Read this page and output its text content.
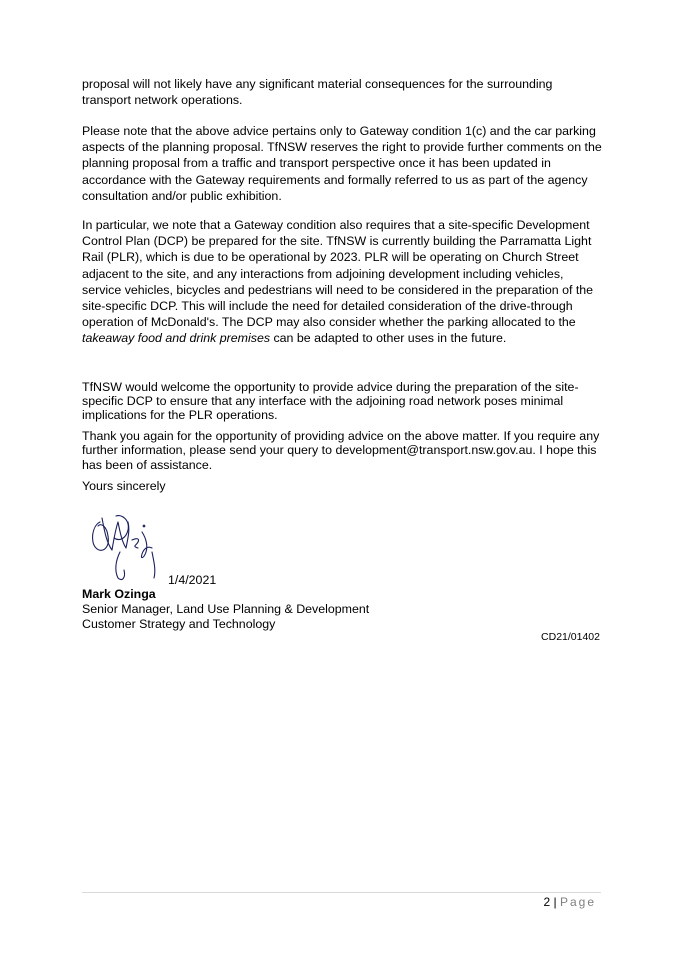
proposal will not likely have any significant material consequences for the surrounding transport network operations.

Please note that the above advice pertains only to Gateway condition 1(c) and the car parking aspects of the planning proposal. TfNSW reserves the right to provide further comments on the planning proposal from a traffic and transport perspective once it has been updated in accordance with the Gateway requirements and formally referred to us as part of the agency consultation and/or public exhibition.

In particular, we note that a Gateway condition also requires that a site-specific Development Control Plan (DCP) be prepared for the site. TfNSW is currently building the Parramatta Light Rail (PLR), which is due to be operational by 2023. PLR will be operating on Church Street adjacent to the site, and any interactions from adjoining development including vehicles, service vehicles, bicycles and pedestrians will need to be considered in the preparation of the site-specific DCP. This will include the need for detailed consideration of the drive-through operation of McDonald's. The DCP may also consider whether the parking allocated to the takeaway food and drink premises can be adapted to other uses in the future.

TfNSW would welcome the opportunity to provide advice during the preparation of the site-specific DCP to ensure that any interface with the adjoining road network poses minimal implications for the PLR operations.

Thank you again for the opportunity of providing advice on the above matter. If you require any further information, please send your query to development@transport.nsw.gov.au. I hope this has been of assistance.

Yours sincerely
1/4/2021
Mark Ozinga
Senior Manager, Land Use Planning & Development
Customer Strategy and Technology
CD21/01402
2 | Page
